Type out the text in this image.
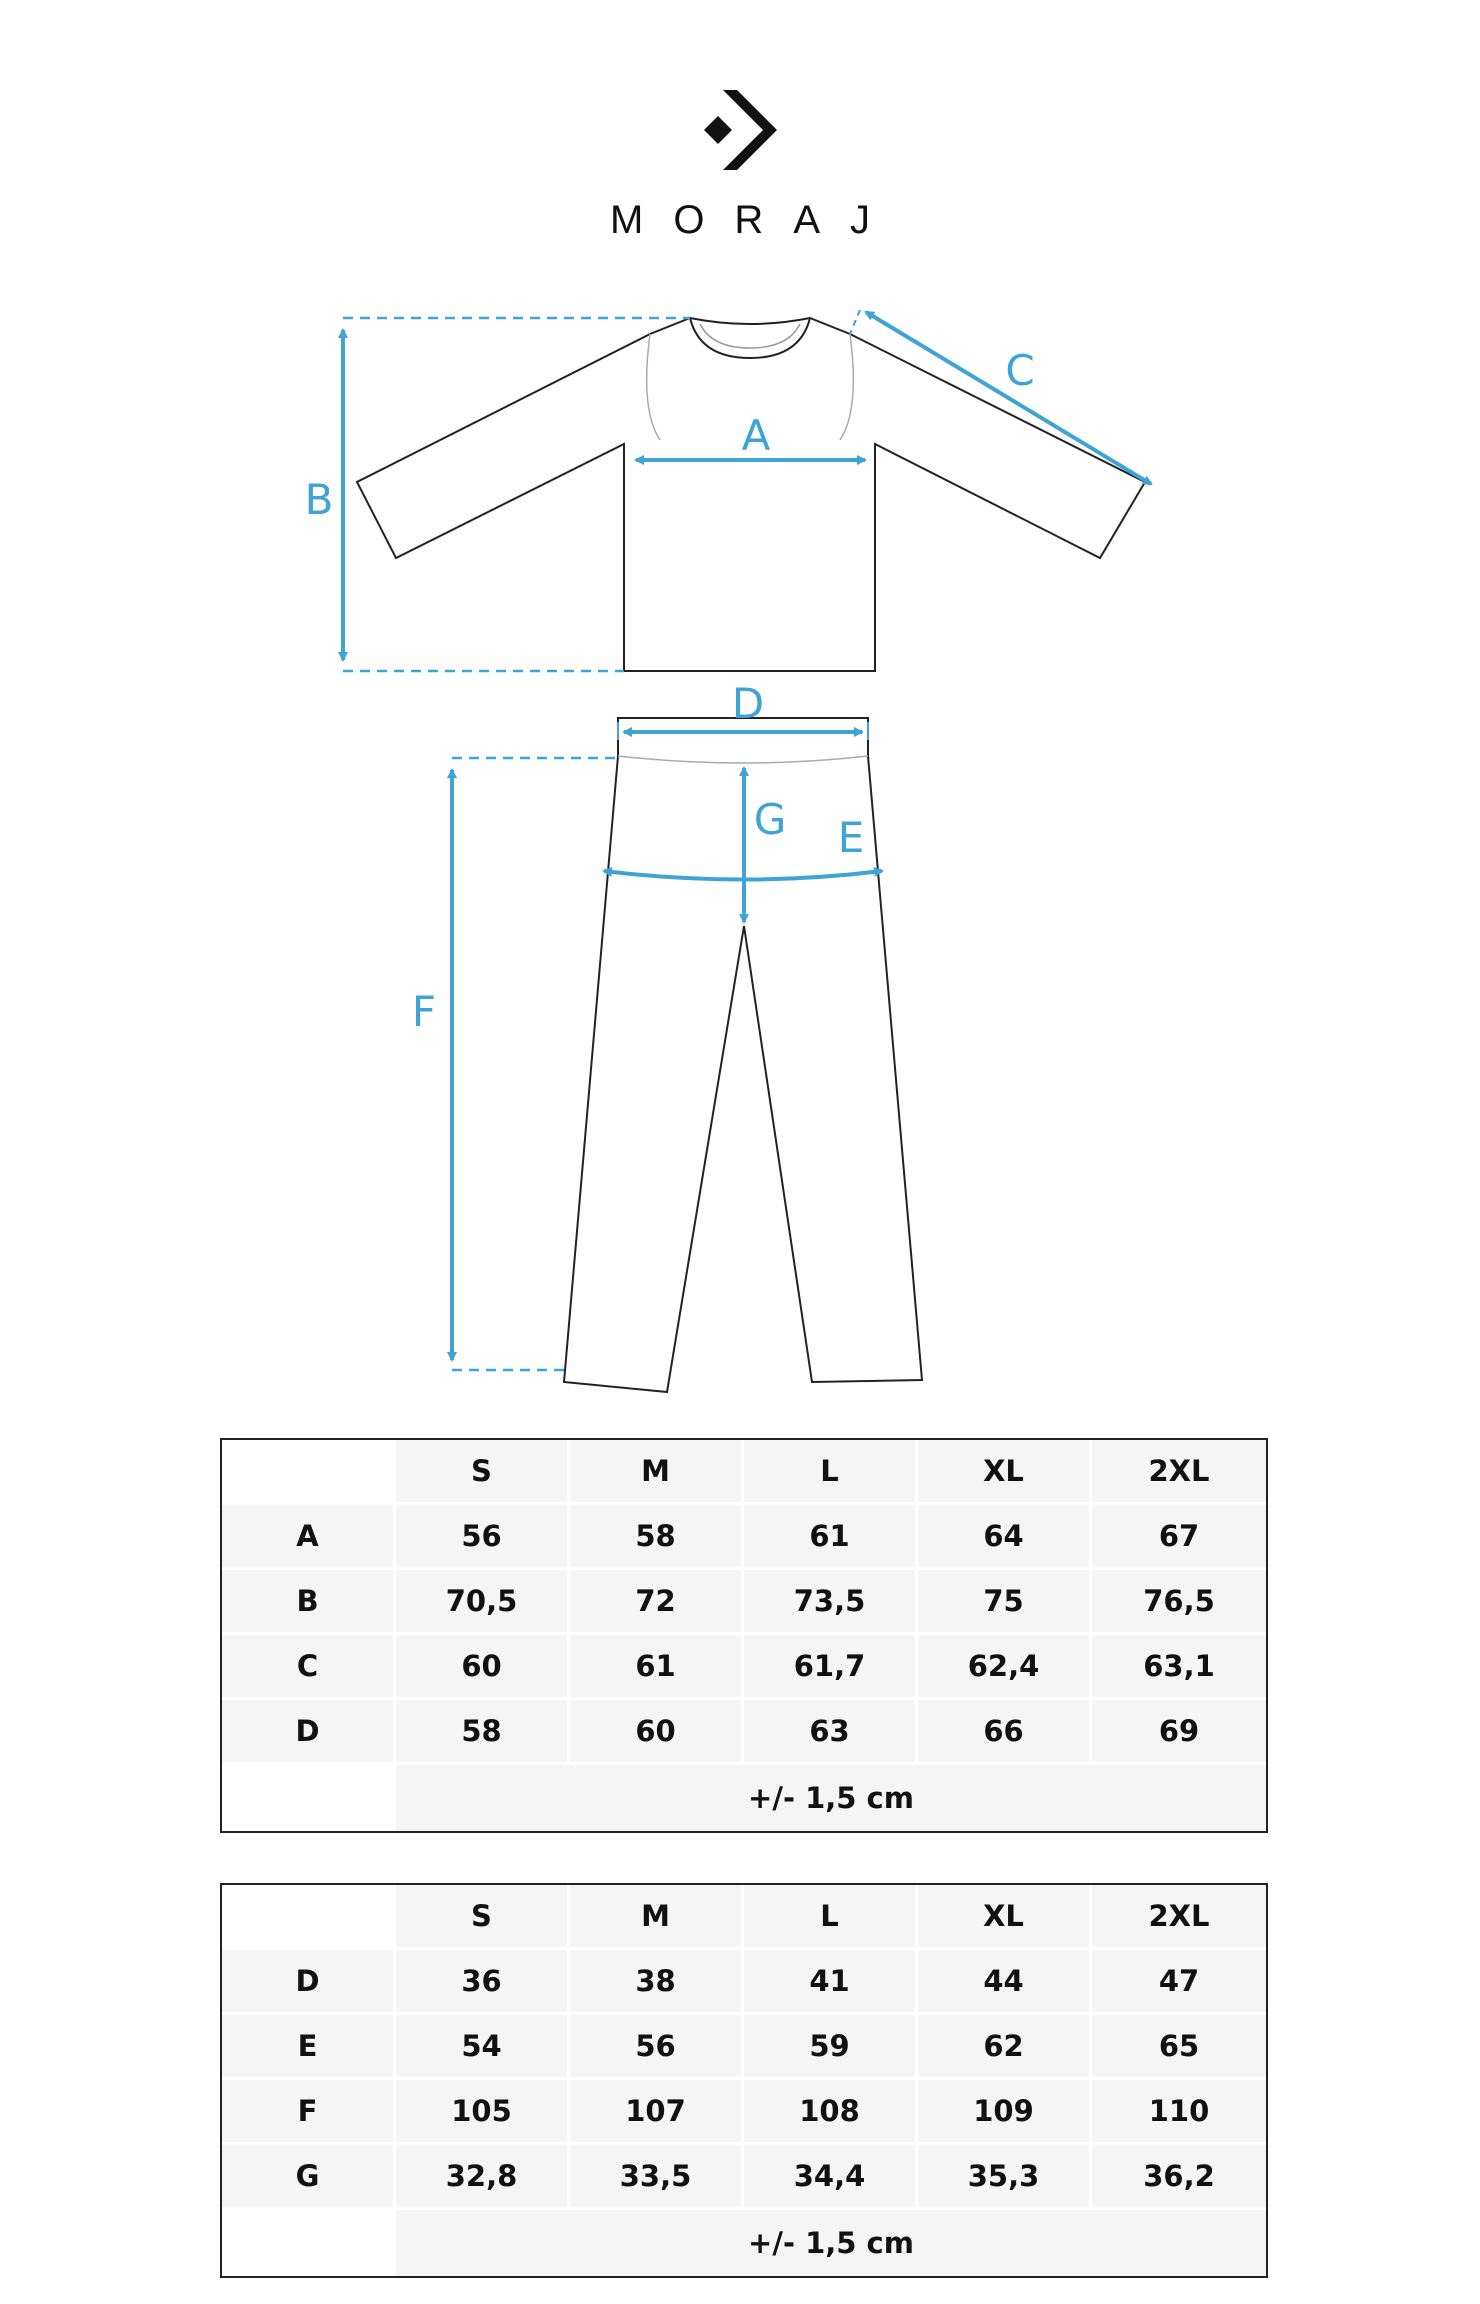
MORAJ
B
A
C
D
G E
F
	S	M	L	XL	2XL
A	56	58	61	64	67
B	70,5	72	73,5	75	76,5
C	60	61	61,7	62,4	63,1
D	58	60	63	66	69
	+/- 1,5 cm				
	S	M	L	XL	2XL
D	36	38	41	44	47
E	54	56	59	62	65
F	105	107	108	109	110
G	32,8	33,5	34,4	35,3	36,2
	+/- 1,5 cm				
